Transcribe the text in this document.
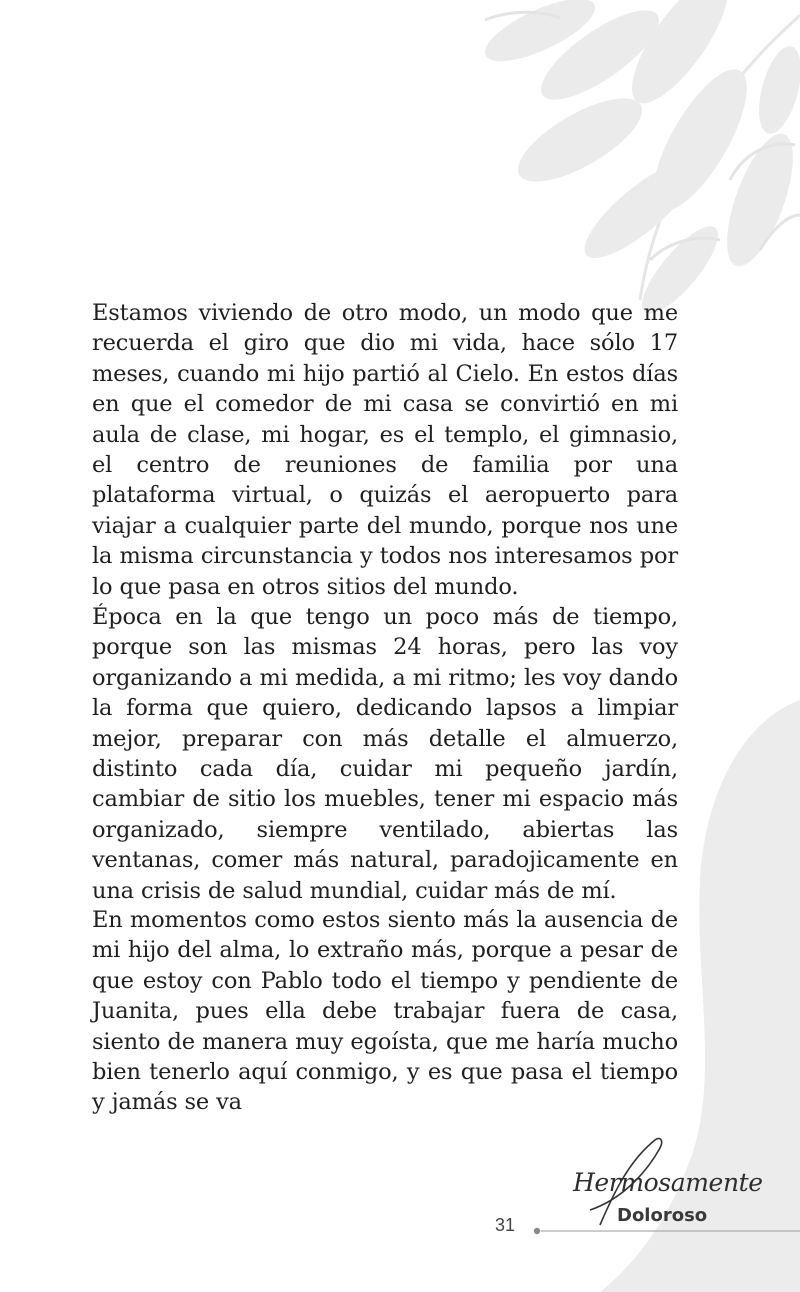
Estamos viviendo de otro modo, un modo que me recuerda el giro que dio mi vida, hace sólo 17 meses, cuando mi hijo partió al Cielo. En estos días en que el comedor de mi casa se convirtió en mi aula de clase, mi hogar, es el templo, el gimnasio, el centro de reuniones de familia por una plataforma virtual, o quizás el aeropuerto para viajar a cualquier parte del mundo, porque nos une la misma circunstancia y todos nos interesamos por lo que pasa en otros sitios del mundo.

Época en la que tengo un poco más de tiempo, porque son las mismas 24 horas, pero las voy organizando a mi medida, a mi ritmo; les voy dando la forma que quiero, dedicando lapsos a limpiar mejor, preparar con más detalle el almuerzo, distinto cada día, cuidar mi pequeño jardín, cambiar de sitio los muebles, tener mi espacio más organizado, siempre ventilado, abiertas las ventanas, comer más natural, paradojicamente en una crisis de salud mundial, cuidar más de mí.

En momentos como estos siento más la ausencia de mi hijo del alma, lo extraño más, porque a pesar de que estoy con Pablo todo el tiempo y pendiente de Juanita, pues ella debe trabajar fuera de casa, siento de manera muy egoísta, que me haría mucho bien tenerlo aquí conmigo, y es que pasa el tiempo y jamás se va

Hermosamente
Doloroso
31
